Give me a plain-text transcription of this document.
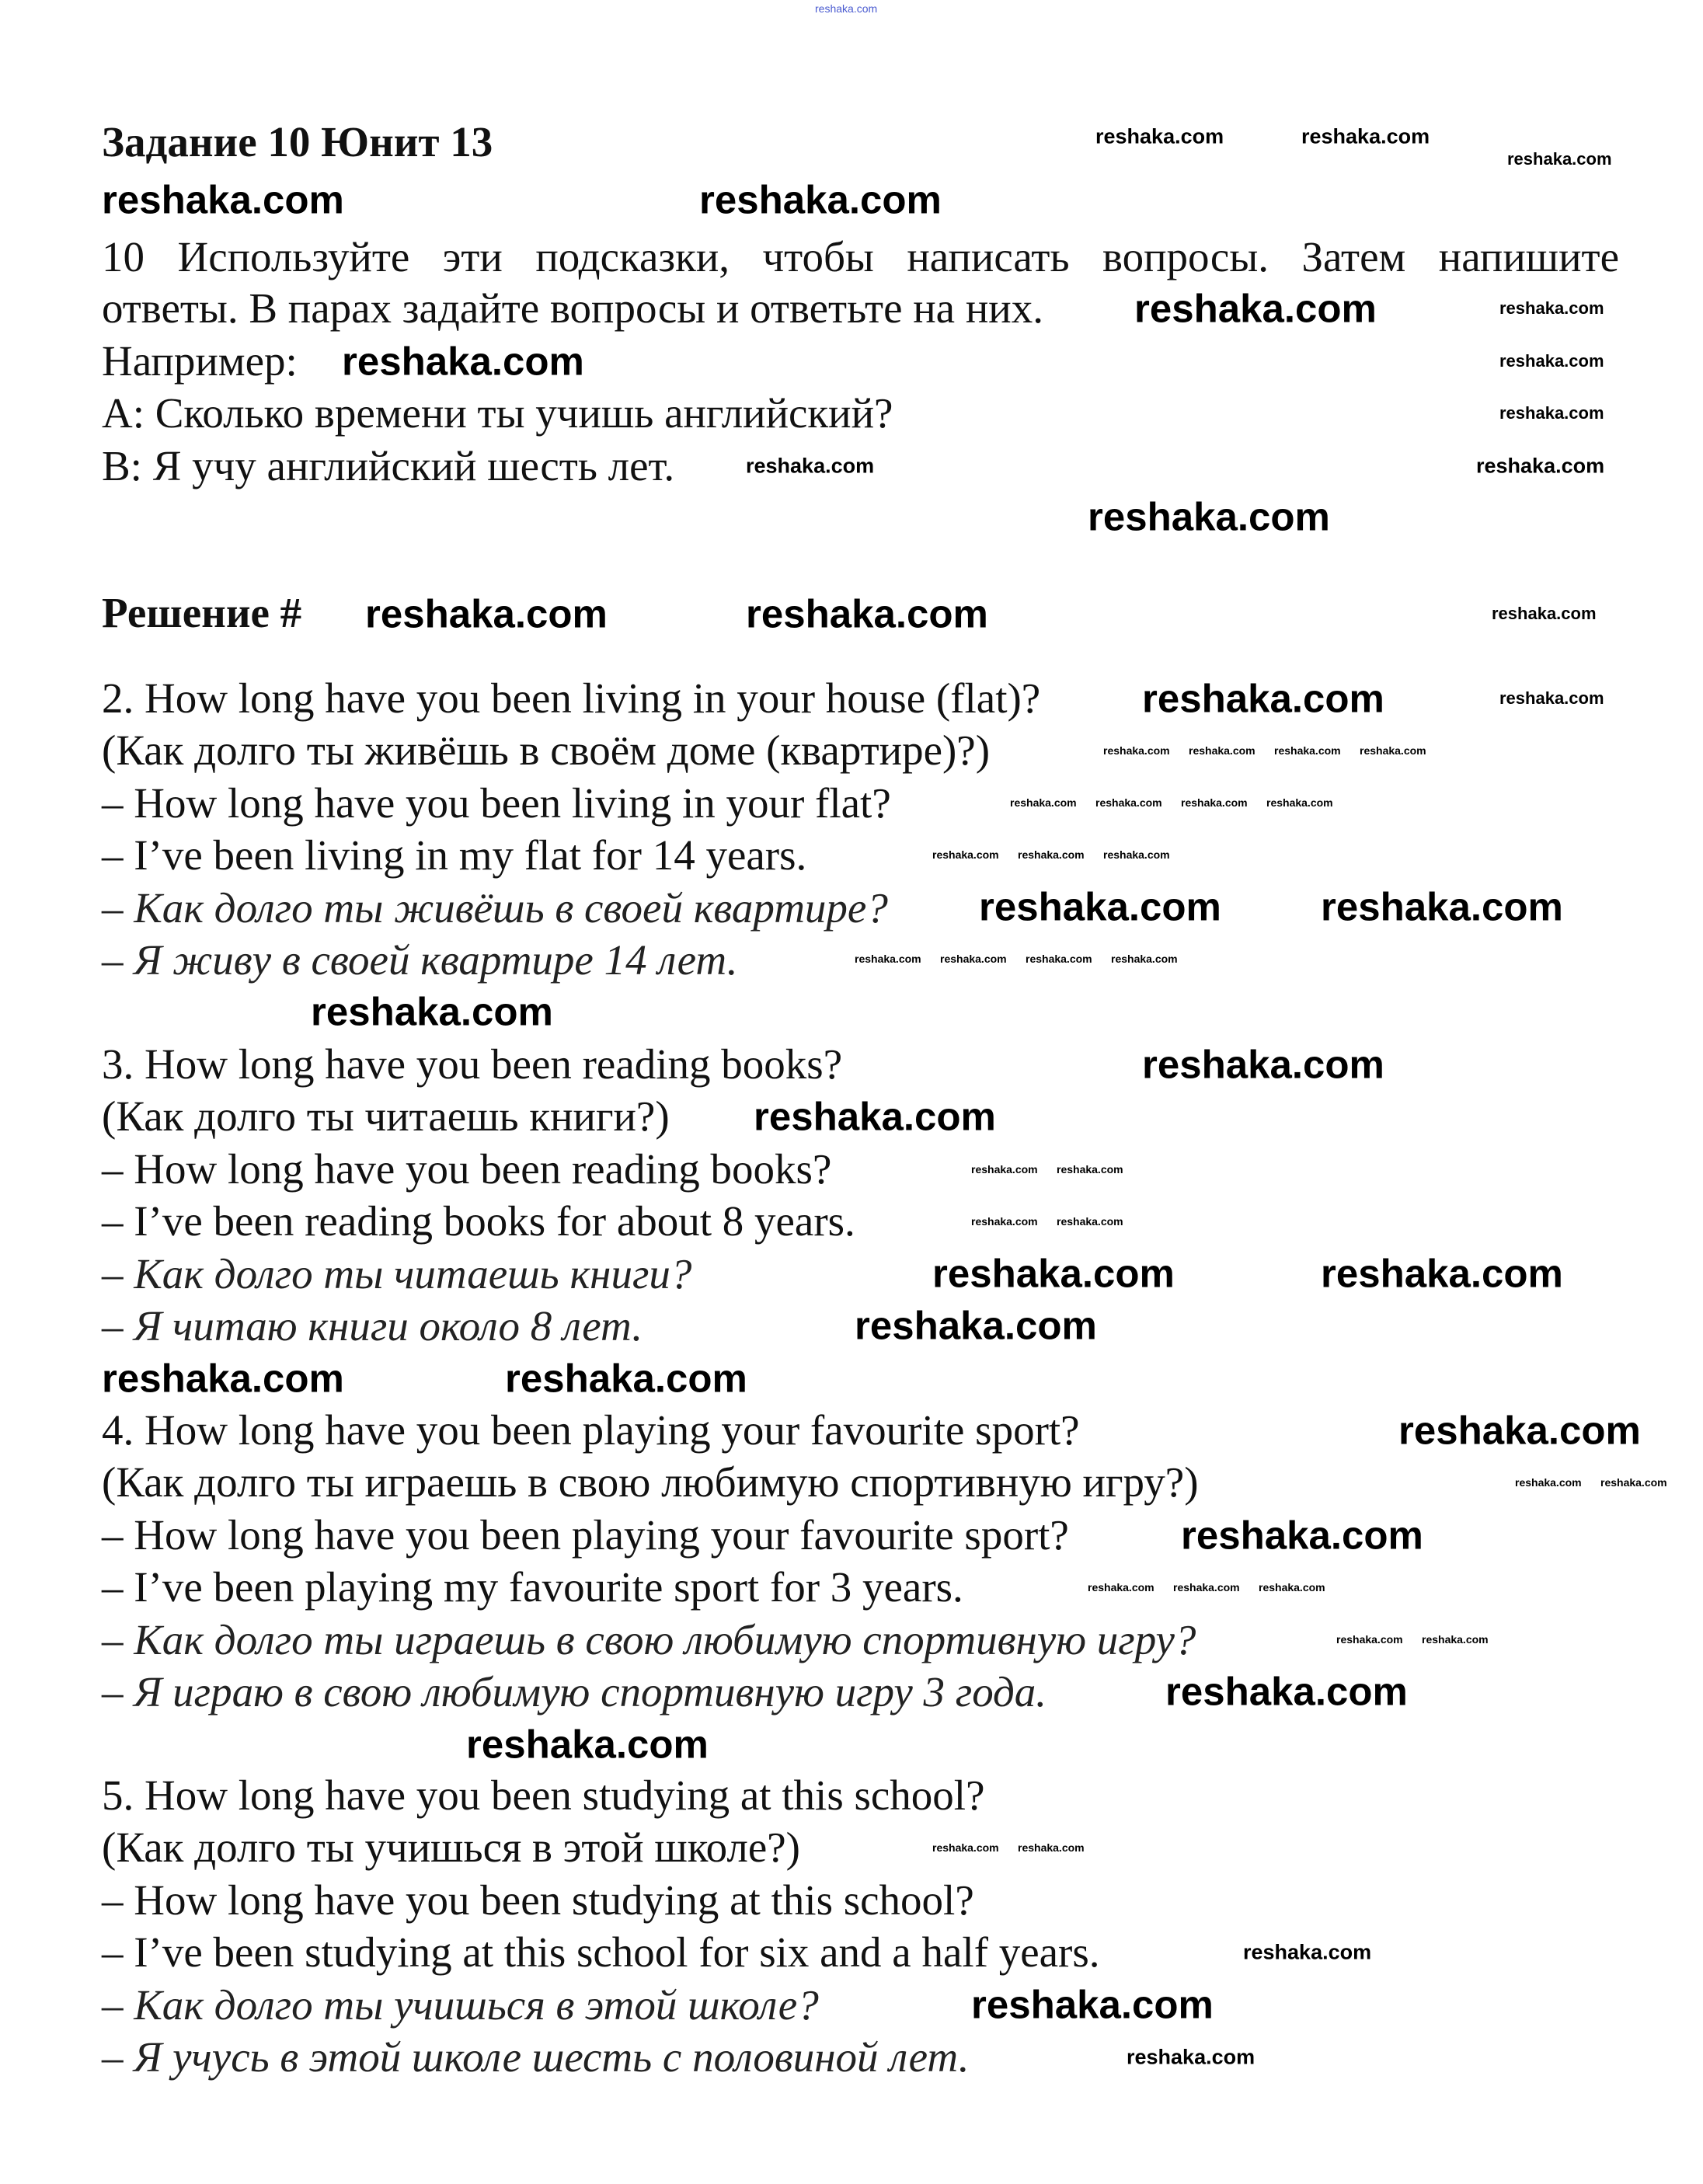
Задание 10 Юнит 13
10 Используйте эти подсказки, чтобы написать вопросы. Затем напишите
ответы. В парах задайте вопросы и ответьте на них.
Например:
A: Сколько времени ты учишь английский?
B: Я учу английский шесть лет.
Решение #
2. How long have you been living in your house (flat)?
(Как долго ты живёшь в своём доме (квартире)?)
– How long have you been living in your flat?
– I’ve been living in my flat for 14 years.
– Как долго ты живёшь в своей квартире?
– Я живу в своей квартире 14 лет.
3. How long have you been reading books?
(Как долго ты читаешь книги?)
– How long have you been reading books?
– I’ve been reading books for about 8 years.
– Как долго ты читаешь книги?
– Я читаю книги около 8 лет.
4. How long have you been playing your favourite sport?
(Как долго ты играешь в свою любимую спортивную игру?)
– How long have you been playing your favourite sport?
– I’ve been playing my favourite sport for 3 years.
– Как долго ты играешь в свою любимую спортивную игру?
– Я играю в свою любимую спортивную игру 3 года.
5. How long have you been studying at this school?
(Как долго ты учишься в этой школе?)
– How long have you been studying at this school?
– I’ve been studying at this school for six and a half years.
– Как долго ты учишься в этой школе?
– Я учусь в этой школе шесть с половиной лет.
reshaka.com	reshaka.com
reshaka.com
reshaka.com
reshaka.com
reshaka.com	reshaka.com
reshaka.com
reshaka.com	reshaka.com
reshaka.com
reshaka.com
reshaka.com
reshaka.com	reshaka.com
reshaka.com
reshaka.com	reshaka.com
reshaka.com
reshaka.com
reshaka.com
reshaka.com
reshaka.com
reshaka.com	reshaka.com
reshaka.com	reshaka.com
reshaka.com
reshaka.com
reshaka.com
reshaka.com
reshaka.com
reshaka.com
reshaka.com
reshaka.com
reshaka.com reshaka.com reshaka.com reshaka.com
reshaka.com reshaka.com reshaka.com reshaka.com
reshaka.com reshaka.com reshaka.com
reshaka.com reshaka.com reshaka.com reshaka.com
reshaka.com reshaka.com
reshaka.com reshaka.com
reshaka.com reshaka.com
reshaka.com reshaka.com reshaka.com
reshaka.com reshaka.com
reshaka.com reshaka.com
reshaka.com
